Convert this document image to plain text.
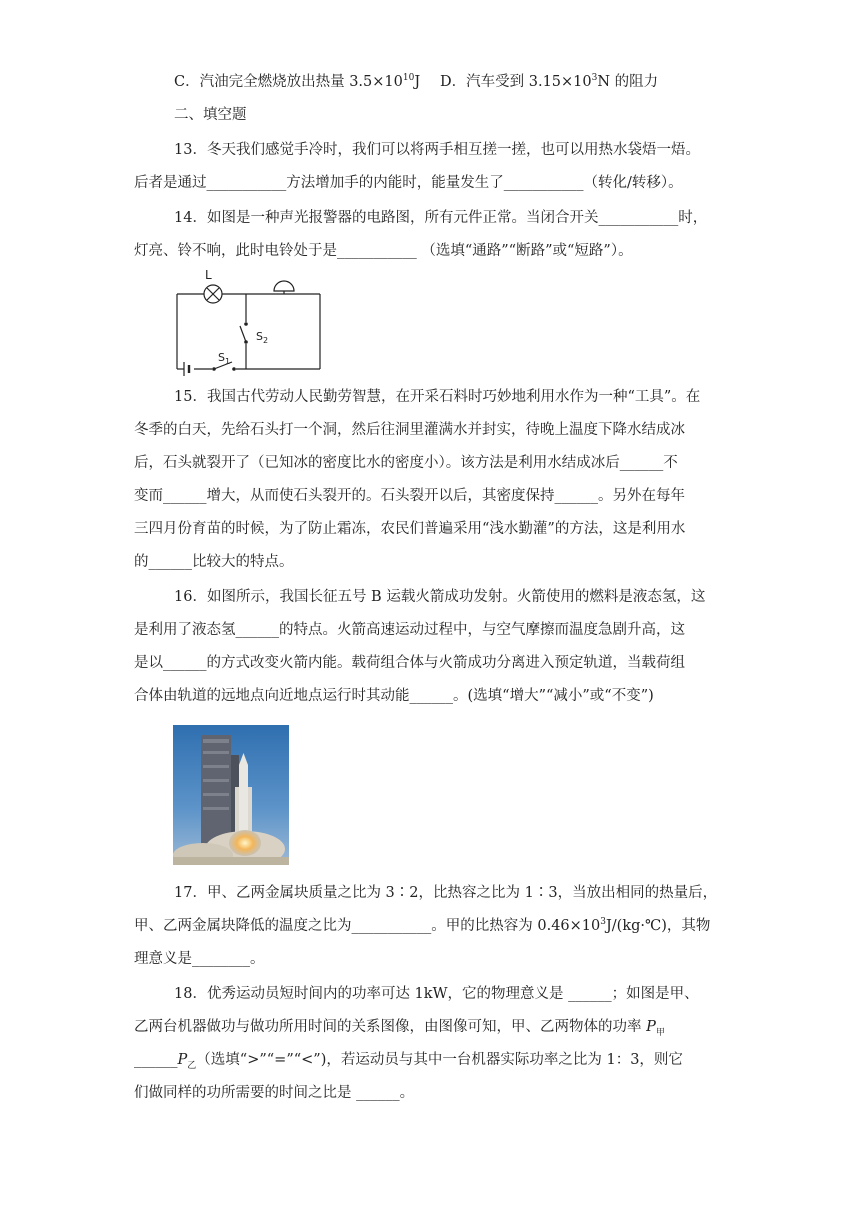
C．汽油完全燃烧放出热量 $3.5\times 10^{10}J$ D．汽车受到 $3.15\times 10^3N$ 的阻力
二、填空题
13．冬天我们感觉手冷时，我们可以将两手相互搓一搓，也可以用热水袋焐一焐。
后者是通过___________方法增加手的内能时，能量发生了___________（转化/转移）。
14．如图是一种声光报警器的电路图，所有元件正常。当闭合开关___________时，
灯亮、铃不响，此时电铃处于是___________ （选填“通路”“断路”或“短路”）。
L
$S_2$
$S_1$
15．我国古代劳动人民勤劳智慧，在开采石料时巧妙地利用水作为一种“工具”。在
冬季的白天，先给石头打一个洞，然后往洞里灌满水并封实，待晚上温度下降水结成冰
后，石头就裂开了（已知冰的密度比水的密度小）。该方法是利用水结成冰后______不
变而______增大，从而使石头裂开的。石头裂开以后，其密度保持______。另外在每年
三四月份育苗的时候，为了防止霜冻，农民们普遍采用“浅水勤灌”的方法，这是利用水
的______比较大的特点。
16．如图所示，我国长征五号 B 运载火箭成功发射。火箭使用的燃料是液态氢，这
是利用了液态氢______的特点。火箭高速运动过程中，与空气摩擦而温度急剧升高，这
是以______的方式改变火箭内能。载荷组合体与火箭成功分离进入预定轨道，当载荷组
合体由轨道的远地点向近地点运行时其动能______。(选填“增大”“减小”或“不变”)
17．甲、乙两金属块质量之比为 3∶2，比热容之比为 1∶3，当放出相同的热量后，
甲、乙两金属块降低的温度之比为___________。甲的比热容为 $0.46\times 10^3J/(kg\cdot℃)$，其物
理意义是________。
18．优秀运动员短时间内的功率可达 1kW，它的物理意义是 ______；如图是甲、
乙两台机器做功与做功所用时间的关系图像，由图像可知，甲、乙两物体的功率 $P_甲$
$\_\_\_\_\_\_P_乙$（选填“>”“=”“<”)，若运动员与其中一台机器实际功率之比为 1：3，则它
们做同样的功所需要的时间之比是 ______。
